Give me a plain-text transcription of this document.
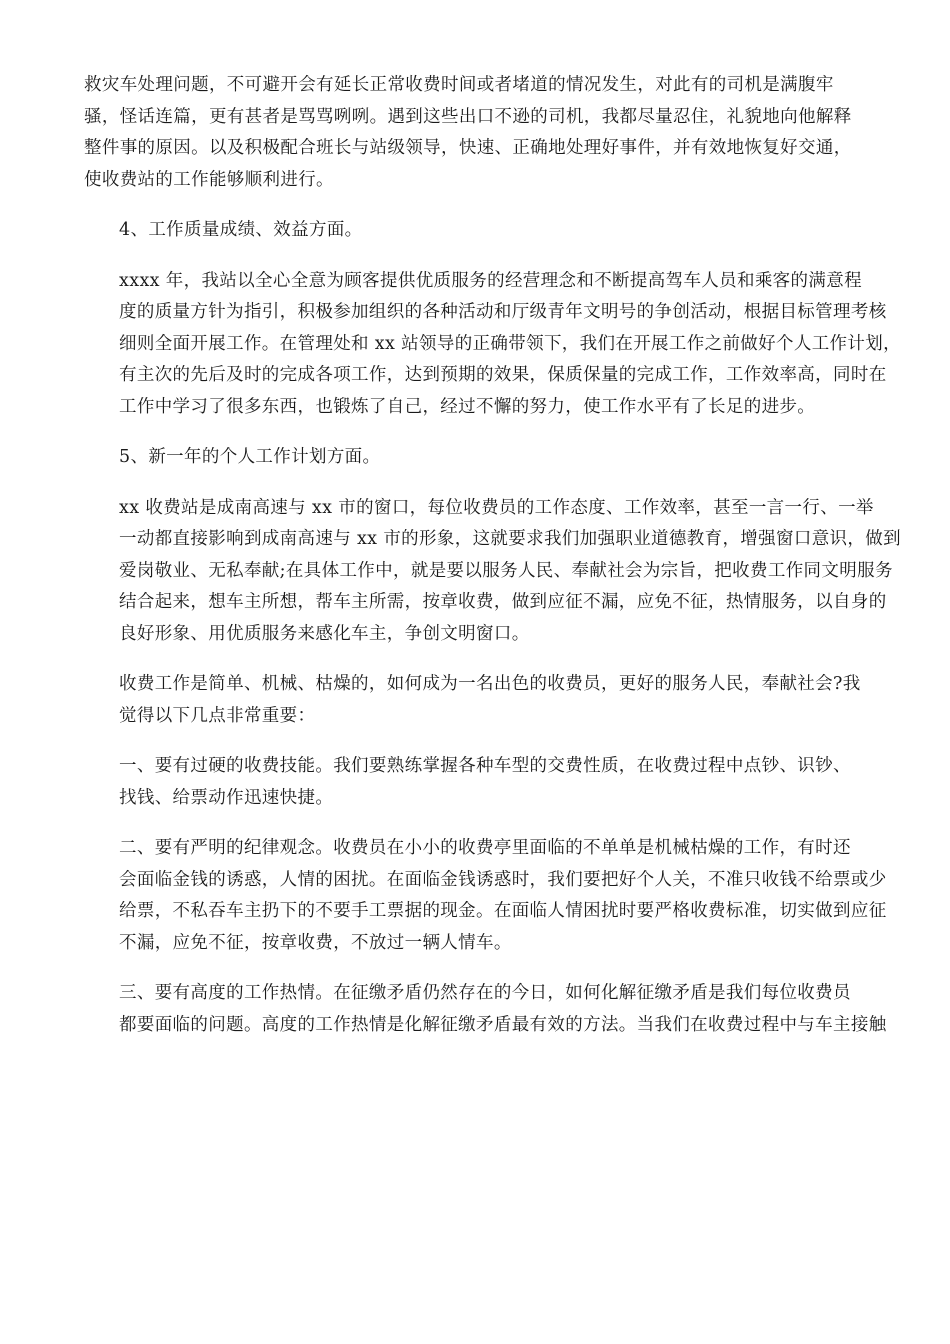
救灾车处理问题，不可避开会有延长正常收费时间或者堵道的情况发生，对此有的司机是满腹牢
骚，怪话连篇，更有甚者是骂骂咧咧。遇到这些出口不逊的司机，我都尽量忍住，礼貌地向他解释
整件事的原因。以及积极配合班长与站级领导，快速、正确地处理好事件，并有效地恢复好交通，
使收费站的工作能够顺利进行。

4、工作质量成绩、效益方面。

xxxx 年，我站以全心全意为顾客提供优质服务的经营理念和不断提高驾车人员和乘客的满意程
度的质量方针为指引，积极参加组织的各种活动和厅级青年文明号的争创活动，根据目标管理考核
细则全面开展工作。在管理处和 xx 站领导的正确带领下，我们在开展工作之前做好个人工作计划，
有主次的先后及时的完成各项工作，达到预期的效果，保质保量的完成工作，工作效率高，同时在
工作中学习了很多东西，也锻炼了自己，经过不懈的努力，使工作水平有了长足的进步。

5、新一年的个人工作计划方面。

xx 收费站是成南高速与 xx 市的窗口，每位收费员的工作态度、工作效率，甚至一言一行、一举
一动都直接影响到成南高速与 xx 市的形象，这就要求我们加强职业道德教育，增强窗口意识，做到
爱岗敬业、无私奉献;在具体工作中，就是要以服务人民、奉献社会为宗旨，把收费工作同文明服务
结合起来，想车主所想，帮车主所需，按章收费，做到应征不漏，应免不征，热情服务，以自身的
良好形象、用优质服务来感化车主，争创文明窗口。

收费工作是简单、机械、枯燥的，如何成为一名出色的收费员，更好的服务人民，奉献社会?我
觉得以下几点非常重要：

一、要有过硬的收费技能。我们要熟练掌握各种车型的交费性质，在收费过程中点钞、识钞、
找钱、给票动作迅速快捷。

二、要有严明的纪律观念。收费员在小小的收费亭里面临的不单单是机械枯燥的工作，有时还
会面临金钱的诱惑，人情的困扰。在面临金钱诱惑时，我们要把好个人关，不准只收钱不给票或少
给票，不私吞车主扔下的不要手工票据的现金。在面临人情困扰时要严格收费标准，切实做到应征
不漏，应免不征，按章收费，不放过一辆人情车。

三、要有高度的工作热情。在征缴矛盾仍然存在的今日，如何化解征缴矛盾是我们每位收费员
都要面临的问题。高度的工作热情是化解征缴矛盾最有效的方法。当我们在收费过程中与车主接触
